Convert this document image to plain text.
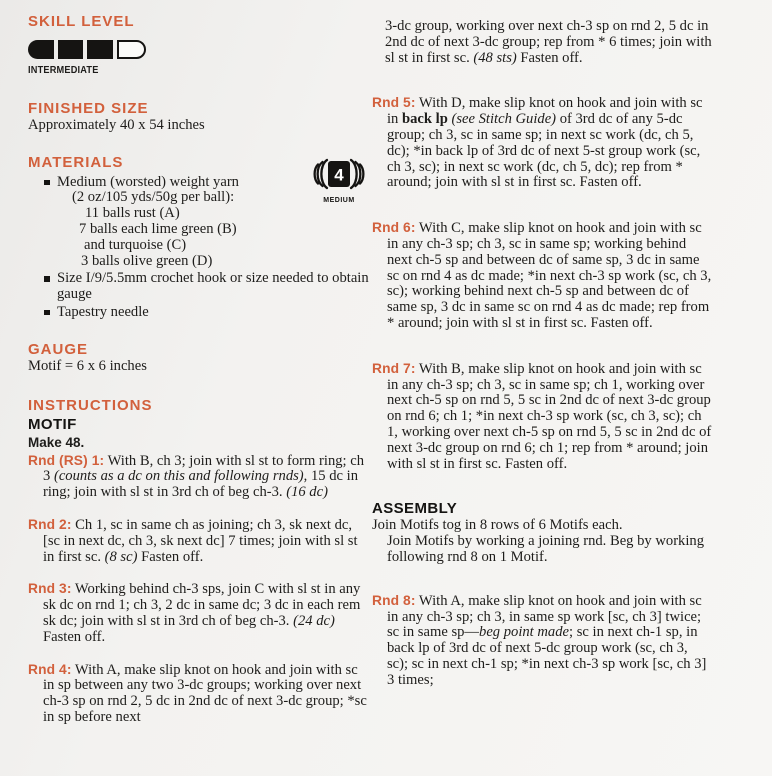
SKILL LEVEL
INTERMEDIATE
FINISHED SIZE
Approximately 40 x 54 inches
MATERIALS
Medium (worsted) weight yarn
(2 oz/105 yds/50g per ball):
11 balls rust (A)
7 balls each lime green (B)
and turquoise (C)
3 balls olive green (D)
Size I/9/5.5mm crochet hook or size needed to obtain gauge
Tapestry needle
GAUGE
Motif = 6 x 6 inches
INSTRUCTIONS
MOTIF
Make 48.

Rnd (RS) 1: With B, ch 3; join with sl st to form ring; ch 3 (counts as a dc on this and following rnds), 15 dc in ring; join with sl st in 3rd ch of beg ch-3. (16 dc)

Rnd 2: Ch 1, sc in same ch as joining; ch 3, sk next dc, [sc in next dc, ch 3, sk next dc] 7 times; join with sl st in first sc. (8 sc) Fasten off.

Rnd 3: Working behind ch-3 sps, join C with sl st in any sk dc on rnd 1; ch 3, 2 dc in same dc; 3 dc in each rem sk dc; join with sl st in 3rd ch of beg ch-3. (24 dc) Fasten off.

Rnd 4: With A, make slip knot on hook and join with sc in sp between any two 3-dc groups; working over next ch-3 sp on rnd 2, 5 dc in 2nd dc of next 3-dc group; *sc in sp before next

4
MEDIUM

3-dc group, working over next ch-3 sp on rnd 2, 5 dc in 2nd dc of next 3-dc group; rep from * 6 times; join with sl st in first sc. (48 sts) Fasten off.

Rnd 5: With D, make slip knot on hook and join with sc in back lp (see Stitch Guide) of 3rd dc of any 5-dc group; ch 3, sc in same sp; in next sc work (dc, ch 5, dc); *in back lp of 3rd dc of next 5-st group work (sc, ch 3, sc); in next sc work (dc, ch 5, dc); rep from * around; join with sl st in first sc. Fasten off.

Rnd 6: With C, make slip knot on hook and join with sc in any ch-3 sp; ch 3, sc in same sp; working behind next ch-5 sp and between dc of same sp, 3 dc in same sc on rnd 4 as dc made; *in next ch-3 sp work (sc, ch 3, sc); working behind next ch-5 sp and between dc of same sp, 3 dc in same sc on rnd 4 as dc made; rep from * around; join with sl st in first sc. Fasten off.

Rnd 7: With B, make slip knot on hook and join with sc in any ch-3 sp; ch 3, sc in same sp; ch 1, working over next ch-5 sp on rnd 5, 5 sc in 2nd dc of next 3-dc group on rnd 6; ch 1; *in next ch-3 sp work (sc, ch 3, sc); ch 1, working over next ch-5 sp on rnd 5, 5 sc in 2nd dc of next 3-dc group on rnd 6; ch 1; rep from * around; join with sl st in first sc. Fasten off.

ASSEMBLY

Join Motifs tog in 8 rows of 6 Motifs each.
Join Motifs by working a joining rnd. Beg by working following rnd 8 on 1 Motif.

Rnd 8: With A, make slip knot on hook and join with sc in any ch-3 sp; ch 3, in same sp work [sc, ch 3] twice; sc in same sp—beg point made; sc in next ch-1 sp, in back lp of 3rd dc of next 5-dc group work (sc, ch 3, sc); sc in next ch-1 sp; *in next ch-3 sp work [sc, ch 3] 3 times;
